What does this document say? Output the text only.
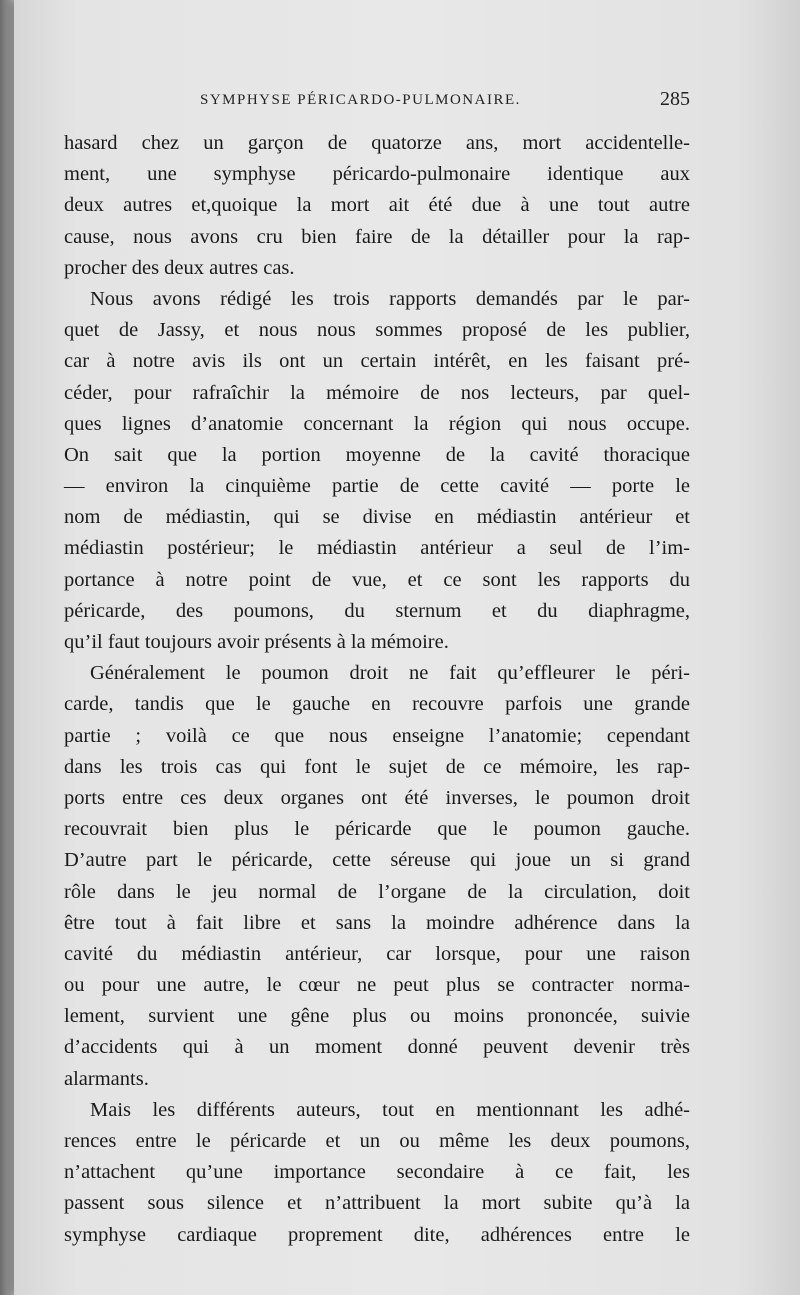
SYMPHYSE PÉRICARDO-PULMONAIRE.	285
hasard chez un garçon de quatorze ans, mort accidentelle-
ment, une symphyse péricardo-pulmonaire identique aux
deux autres et,quoique la mort ait été due à une tout autre
cause, nous avons cru bien faire de la détailler pour la rap-
procher des deux autres cas.
Nous avons rédigé les trois rapports demandés par le par-
quet de Jassy, et nous nous sommes proposé de les publier,
car à notre avis ils ont un certain intérêt, en les faisant pré-
céder, pour rafraîchir la mémoire de nos lecteurs, par quel-
ques lignes d’anatomie concernant la région qui nous occupe.
On sait que la portion moyenne de la cavité thoracique
— environ la cinquième partie de cette cavité — porte le
nom de médiastin, qui se divise en médiastin antérieur et
médiastin postérieur; le médiastin antérieur a seul de l’im-
portance à notre point de vue, et ce sont les rapports du
péricarde, des poumons, du sternum et du diaphragme,
qu’il faut toujours avoir présents à la mémoire.
Généralement le poumon droit ne fait qu’effleurer le péri-
carde, tandis que le gauche en recouvre parfois une grande
partie ; voilà ce que nous enseigne l’anatomie; cependant
dans les trois cas qui font le sujet de ce mémoire, les rap-
ports entre ces deux organes ont été inverses, le poumon droit
recouvrait bien plus le péricarde que le poumon gauche.
D’autre part le péricarde, cette séreuse qui joue un si grand
rôle dans le jeu normal de l’organe de la circulation, doit
être tout à fait libre et sans la moindre adhérence dans la
cavité du médiastin antérieur, car lorsque, pour une raison
ou pour une autre, le cœur ne peut plus se contracter norma-
lement, survient une gêne plus ou moins prononcée, suivie
d’accidents qui à un moment donné peuvent devenir très
alarmants.
Mais les différents auteurs, tout en mentionnant les adhé-
rences entre le péricarde et un ou même les deux poumons,
n’attachent qu’une importance secondaire à ce fait, les
passent sous silence et n’attribuent la mort subite qu’à la
symphyse cardiaque proprement dite, adhérences entre le
